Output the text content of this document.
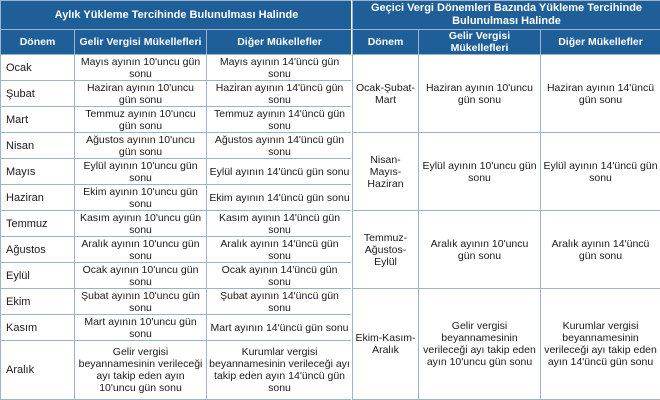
Aylık Yükleme Tercihinde Bulunulması Halinde		
Dönem	Gelir Vergisi Mükellefleri	Diğer Mükellefler
Ocak	Mayıs ayının 10'uncu gün sonu	Mayıs ayının 14'üncü gün sonu
Şubat	Haziran ayının 10'uncu gün sonu	Haziran ayının 14'üncü gün sonu
Mart	Temmuz ayının 10'uncu gün sonu	Temmuz ayının 14'üncü gün sonu
Nisan	Ağustos ayının 10'uncu gün sonu	Ağustos ayının 14'üncü gün sonu
Mayıs	Eylül ayının 10'uncu gün sonu	Eylül ayının 14'üncü gün sonu
Haziran	Ekim ayının 10'uncu gün sonu	Ekim ayının 14'üncü gün sonu
Temmuz	Kasım ayının 10'uncu gün sonu	Kasım ayının 14'üncü gün sonu
Ağustos	Aralık ayının 10'uncu gün sonu	Aralık ayının 14'üncü gün sonu
Eylül	Ocak ayının 10'uncu gün sonu	Ocak ayının 14'üncü gün sonu
Ekim	Şubat ayının 10'uncu gün sonu	Şubat ayının 14'üncü gün sonu
Kasım	Mart ayının 10'uncu gün sonu	Mart ayının 14'üncü gün sonu
Aralık	Gelir vergisi beyannamesinin verileceği ayı takip eden ayın 10'uncu gün sonu	Kurumlar vergisi beyannamesinin verileceği ayı takip eden ayın 14'üncü gün sonu
Geçici Vergi Dönemleri Bazında Yükleme Tercihinde Bulunulması Halinde		
Dönem	Gelir Vergisi Mükellefleri	Diğer Mükellefler
Ocak-Şubat-Mart	Haziran ayının 10'uncu gün sonu	Haziran ayının 14'üncü gün sonu
Nisan-Mayıs-Haziran	Eylül ayının 10'uncu gün sonu	Eylül ayının 14'üncü gün sonu
Temmuz-Ağustos-Eylül	Aralık ayının 10'uncu gün sonu	Aralık ayının 14'üncü gün sonu
Ekim-Kasım-Aralık	Gelir vergisi beyannamesinin verileceği ayı takip eden ayın 10'uncu gün sonu	Kurumlar vergisi beyannamesinin verileceği ayı takip eden ayın 14'üncü gün sonu
